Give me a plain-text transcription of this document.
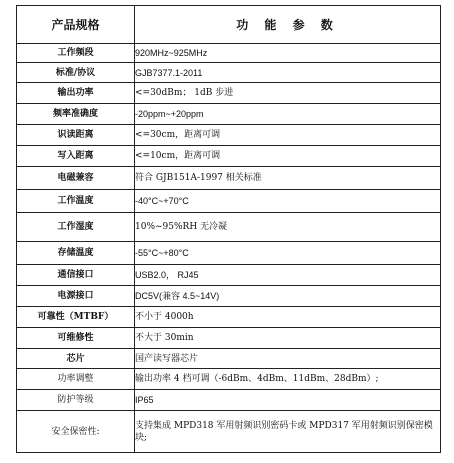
产品规格	功 能 参 数
工作频段	920MHz~925MHz
标准/协议	GJB7377.1-2011
输出功率	<=30dBm； 1dB 步进
频率准确度	-20ppm~+20ppm
识读距离	<=30cm，距离可调
写入距离	<=10cm，距离可调
电磁兼容	符合 GJB151A-1997 相关标准
工作温度	-40°C~+70°C
工作湿度	10%~95%RH 无冷凝
存储温度	-55°C~+80°C
通信接口	USB2.0， RJ45
电源接口	DC5V(兼容 4.5~14V)
可靠性（MTBF）	不小于 4000h
可维修性	不大于 30min
芯片	国产读写器芯片
功率调整	输出功率 4 档可调（-6dBm、4dBm、11dBm、28dBm）;
防护等级	IP65
安全保密性:	支持集成 MPD318 军用射频识别密码卡或 MPD317 军用射频识别保密模块;
